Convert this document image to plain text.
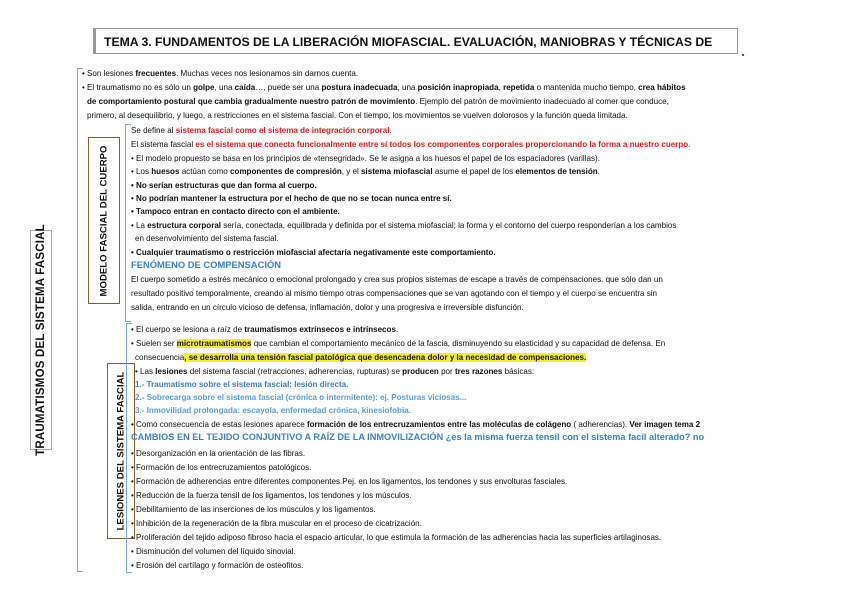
TEMA 3. FUNDAMENTOS DE LA LIBERACIÓN MIOFASCIAL. EVALUACIÓN, MANIOBRAS Y TÉCNICAS DE
TRAUMATISMOS DEL SISTEMA FASCIAL
MODELO FASCIAL DEL CUERPO
LESIONES DEL SISTEMA FASCIAL
• Son lesiones frecuentes. Muchas veces nos lesionamos sin darnos cuenta.
• El traumatismo no es sólo un golpe, una caída…, puede ser una postura inadecuada, una posición inapropiada, repetida o mantenida mucho tiempo, crea hábitos
de comportamiento postural que cambia gradualmente nuestro patrón de movimiento. Ejemplo del patrón de movimiento inadecuado al comer que conduce,
primero, al desequilibrio, y luego, a restricciones en el sistema fascial. Con el tiempo, los movimientos se vuelven dolorosos y la función queda limitada.
Se define al sistema fascial como el sistema de integración corporal.
El sistema fascial es el sistema que conecta funcionalmente entre sí todos los componentes corporales proporcionando la forma a nuestro cuerpo.
• El modelo propuesto se basa en los principios de «tensegridad». Se le asigna a los huesos el papel de los espaciadores (varillas).
• Los huesos actúan como componentes de compresión, y el sistema miofascial asume el papel de los elementos de tensión.
• No serían estructuras que dan forma al cuerpo.
• No podrían mantener la estructura por el hecho de que no se tocan nunca entre sí.
• Tampoco entran en contacto directo con el ambiente.
• La estructura corporal sería, conectada, equilibrada y definida por el sistema miofascial; la forma y el contorno del cuerpo responderían a los cambios
en desenvolvimiento del sistema fascial.
• Cualquier traumatismo o restricción miofascial afectaría negativamente este comportamiento.
FENÓMENO DE COMPENSACIÓN
El cuerpo sometido a estrés mecánico o emocional prolongado y crea sus propios sistemas de escape a través de compensaciones. que sólo dan un
resultado positivo temporalmente, creando al mismo tiempo otras compensaciones que se van agotando con el tiempo y el cuerpo se encuentra sin
salida, entrando en un círculo vicioso de defensa, inflamación, dolor y una progresiva e irreversible disfunción.
• El cuerpo se lesiona a raíz de traumatismos extrínsecos e intrínsecos.
• Suelen ser microtraumatismos que cambian el comportamiento mecánico de la fascia, disminuyendo su elasticidad y su capacidad de defensa. En
consecuencia, se desarrolla una tensión fascial patológica que desencadena dolor y la necesidad de compensaciones.
• Las lesiones del sistema fascial (retracciones, adherencias, rupturas) se producen por tres razones básicas:
1.- Traumatismo sobre el sistema fascial: lesión directa.
2.- Sobrecarga sobre el sistema fascial (crónica o intermitente): ej. Posturas viciosas...
3.- Inmovilidad prolongada: escayola, enfermedad crónica, kinesiofobia.
• Como consecuencia de estas lesiones aparece formación de los entrecruzamientos entre las moléculas de colágeno ( adherencias). Ver imagen tema 2
CAMBIOS EN EL TEJIDO CONJUNTIVO A RAÍZ DE LA INMOVILIZACIÓN ¿es la misma fuerza tensil con el sistema facil alterado? no
• Desorganización en la orientación de las fibras.
• Formación de los entrecruzamientos patológicos.
• Formación de adherencias entre diferentes componentes.Pej. en los ligamentos, los tendones y sus envolturas fasciales.
• Reducción de la fuerza tensil de los ligamentos, los tendones y los músculos.
• Debilitamiento de las inserciones de los músculos y los ligamentos.
• Inhibición de la regeneración de la fibra muscular en el proceso de cicatrización.
• Proliferación del tejido adiposo fibroso hacia el espacio articular, lo que estimula la formación de las adherencias hacia las superficies artilaginosas.
• Disminución del volumen del líquido sinovial.
• Erosión del cartílago y formación de osteofitos.
